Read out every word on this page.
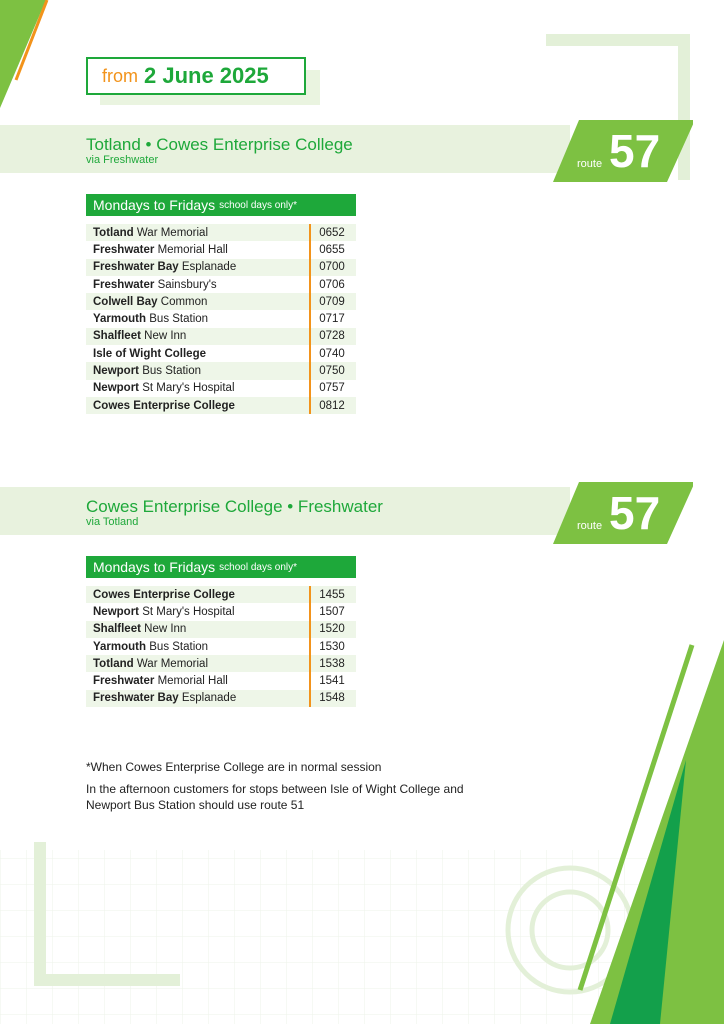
from 2 June 2025
Totland • Cowes Enterprise College
via Freshwater	route 57
Mondays to Fridays school days only*
Totland War Memorial	0652
Freshwater Memorial Hall	0655
Freshwater Bay Esplanade	0700
Freshwater Sainsbury's	0706
Colwell Bay Common	0709
Yarmouth Bus Station	0717
Shalfleet New Inn	0728
Isle of Wight College	0740
Newport Bus Station	0750
Newport St Mary's Hospital	0757
Cowes Enterprise College	0812
Cowes Enterprise College • Freshwater
via Totland	route 57
Mondays to Fridays school days only*
Cowes Enterprise College	1455
Newport St Mary's Hospital	1507
Shalfleet New Inn	1520
Yarmouth Bus Station	1530
Totland War Memorial	1538
Freshwater Memorial Hall	1541
Freshwater Bay Esplanade	1548
*When Cowes Enterprise College are in normal session
In the afternoon customers for stops between Isle of Wight College and Newport Bus Station should use route 51
